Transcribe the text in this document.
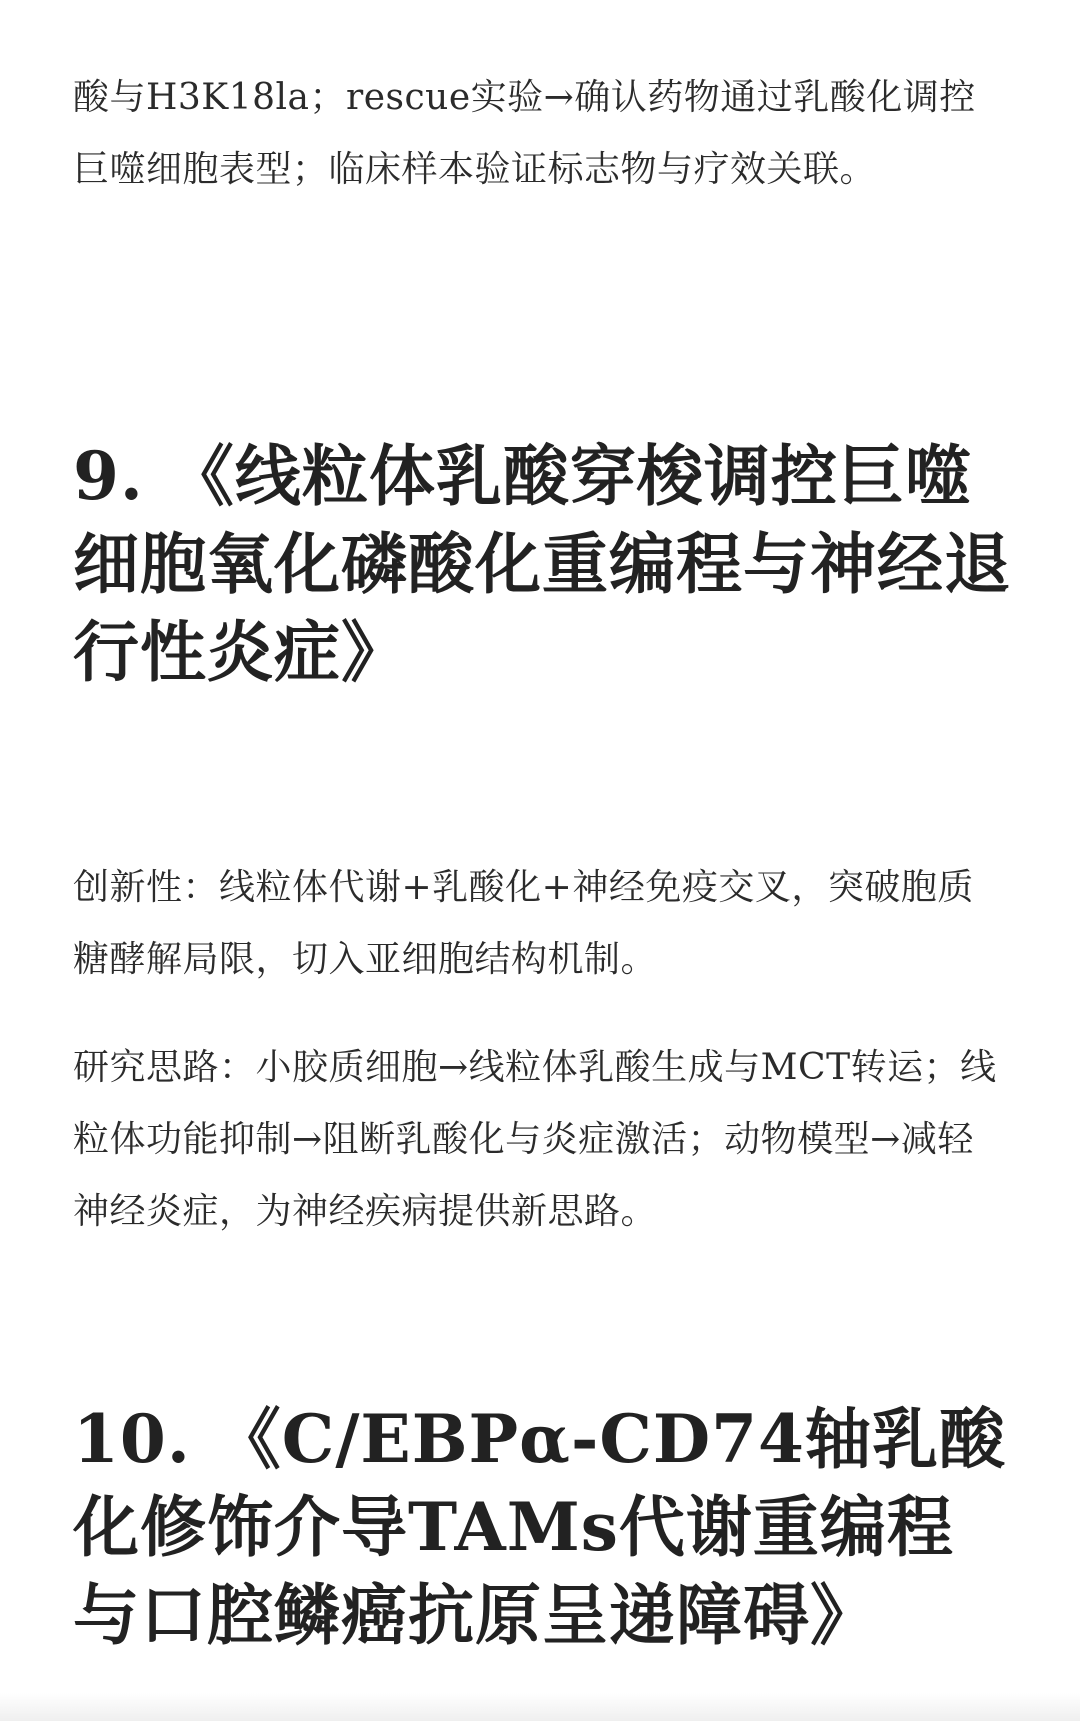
酸与H3K18la；rescue实验→确认药物通过乳酸化调控巨噬细胞表型；临床样本验证标志物与疗效关联。

9. 《线粒体乳酸穿梭调控巨噬细胞氧化磷酸化重编程与神经退行性炎症》

创新性：线粒体代谢+乳酸化+神经免疫交叉，突破胞质糖酵解局限，切入亚细胞结构机制。

研究思路：小胶质细胞→线粒体乳酸生成与MCT转运；线粒体功能抑制→阻断乳酸化与炎症激活；动物模型→减轻神经炎症，为神经疾病提供新思路。

10. 《C/EBPα-CD74轴乳酸化修饰介导TAMs代谢重编程与口腔鳞癌抗原呈递障碍》
